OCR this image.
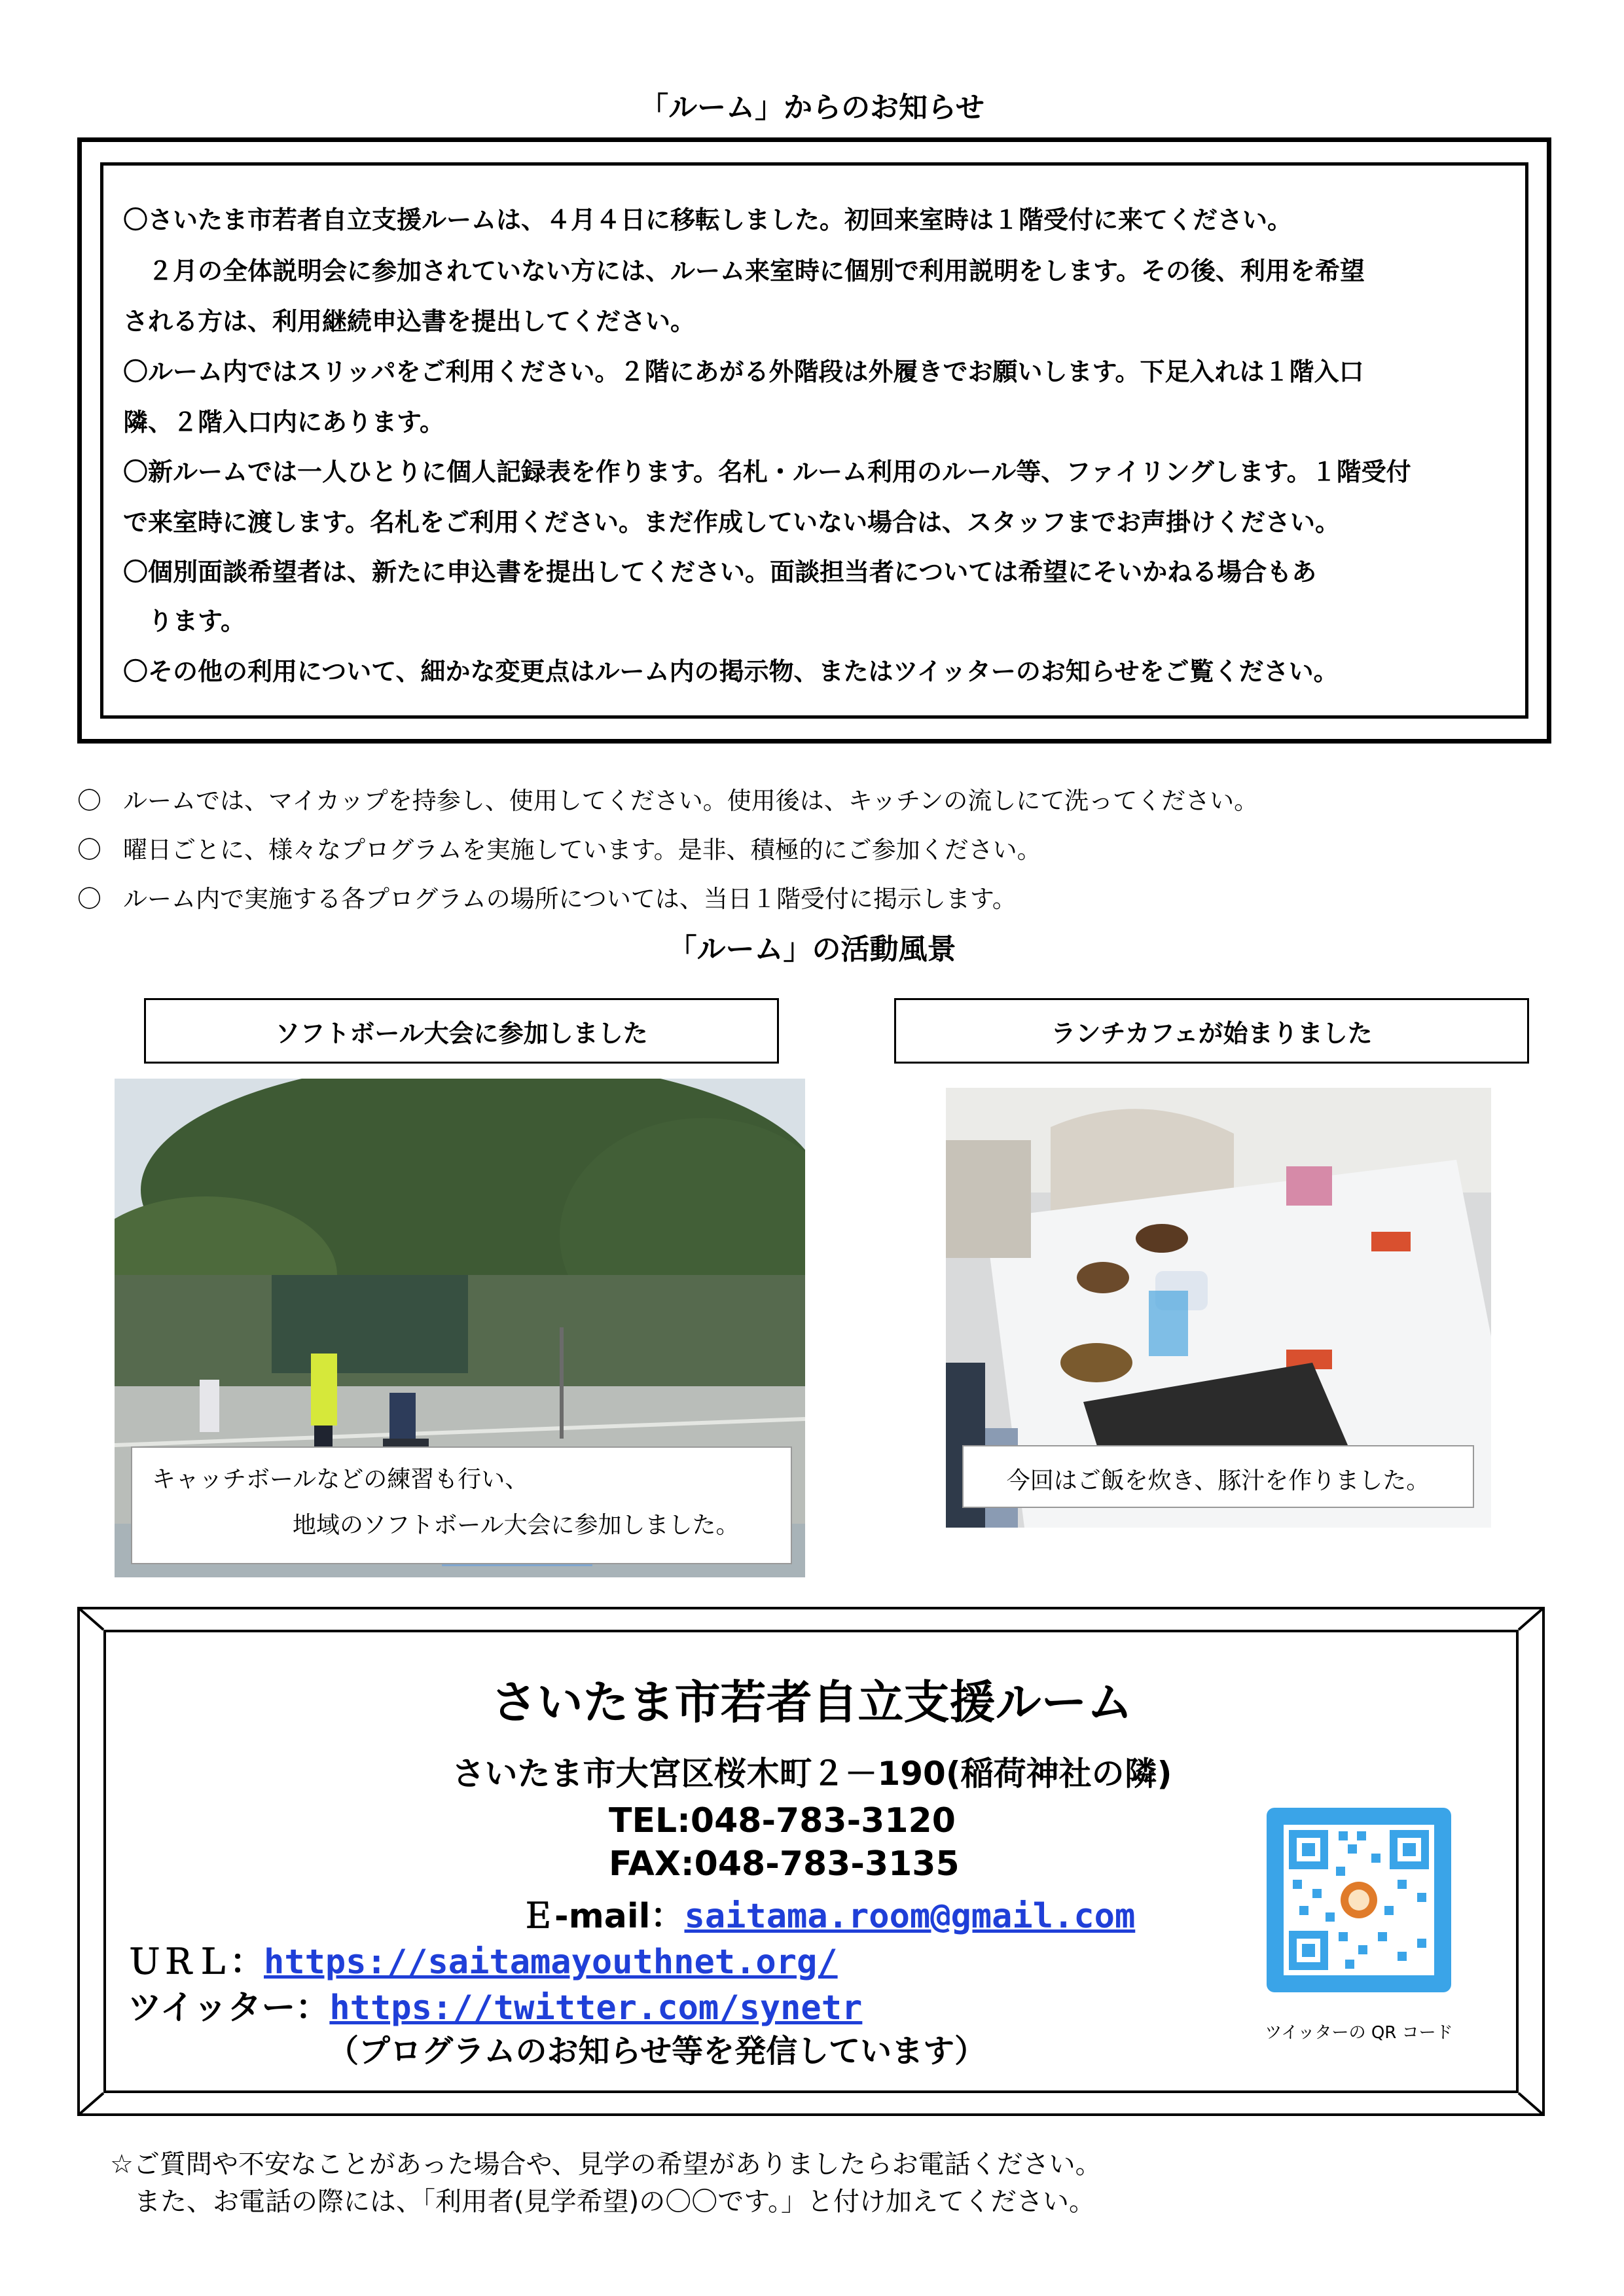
「ルーム」からのお知らせ
〇さいたま市若者自立支援ルームは、４月４日に移転しました。初回来室時は１階受付に来てください。
　２月の全体説明会に参加されていない方には、ルーム来室時に個別で利用説明をします。その後、利用を希望
される方は、利用継続申込書を提出してください。
〇ルーム内ではスリッパをご利用ください。２階にあがる外階段は外履きでお願いします。下足入れは１階入口
隣、２階入口内にあります。
〇新ルームでは一人ひとりに個人記録表を作ります。名札・ルーム利用のルール等、ファイリングします。１階受付
で来室時に渡します。名札をご利用ください。まだ作成していない場合は、スタッフまでお声掛けください。
〇個別面談希望者は、新たに申込書を提出してください。面談担当者については希望にそいかねる場合もあ
　ります。
〇その他の利用について、細かな変更点はルーム内の掲示物、またはツイッターのお知らせをご覧ください。
〇 ルームでは、マイカップを持参し、使用してください。使用後は、キッチンの流しにて洗ってください。
〇 曜日ごとに、様々なプログラムを実施しています。是非、積極的にご参加ください。
〇 ルーム内で実施する各プログラムの場所については、当日１階受付に掲示します。
「ルーム」の活動風景
ソフトボール大会に参加しました	ランチカフェが始まりました
キャッチボールなどの練習も行い、
地域のソフトボール大会に参加しました。
今回はご飯を炊き、豚汁を作りました。
さいたま市若者自立支援ルーム
さいたま市大宮区桜木町２－190(稲荷神社の隣)
TEL:048-783-3120
FAX:048-783-3135
Ｅ-mail：saitama.room@gmail.com
ＵＲＬ：https://saitamayouthnet.org/
ツイッター：https://twitter.com/synetr
（プログラムのお知らせ等を発信しています）	ツイッターの QR コード
☆ご質問や不安なことがあった場合や、見学の希望がありましたらお電話ください。
また、お電話の際には、「利用者(見学希望)の〇〇です。」と付け加えてください。
